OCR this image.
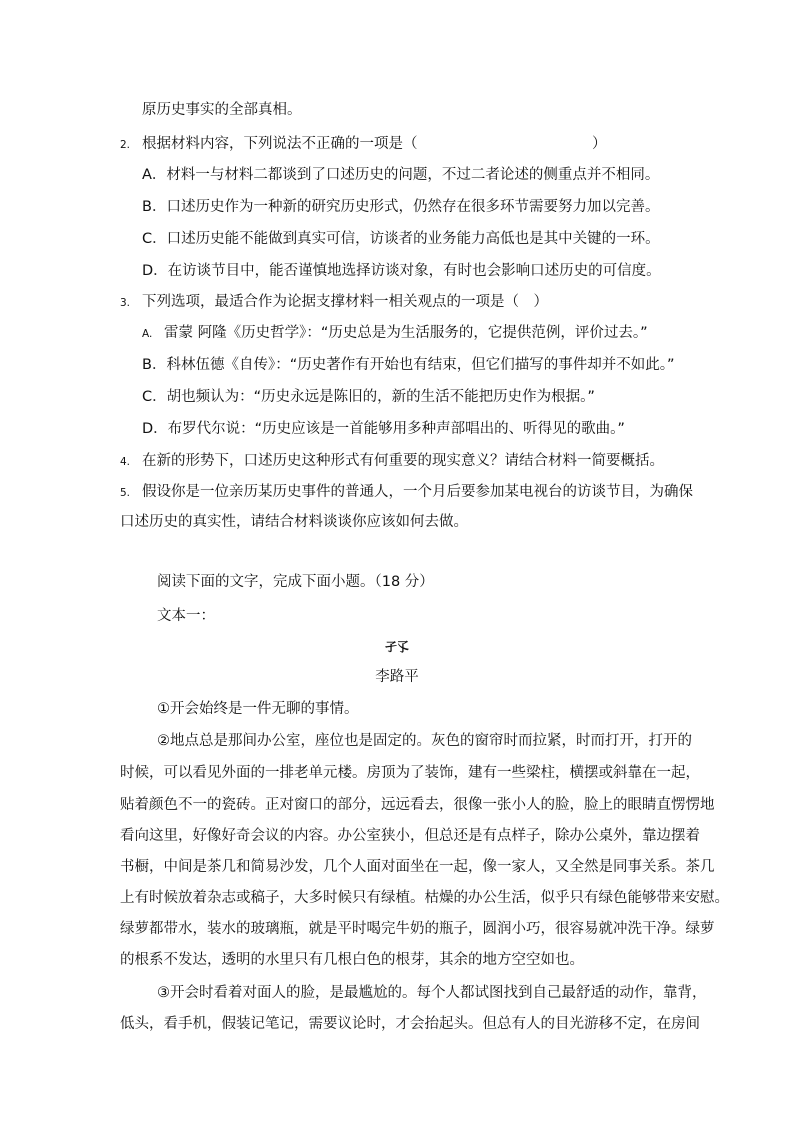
原历史事实的全部真相。
2. 根据材料内容，下列说法不正确的一项是（	）
A．材料一与材料二都谈到了口述历史的问题，不过二者论述的侧重点并不相同。
B．口述历史作为一种新的研究历史形式，仍然存在很多环节需要努力加以完善。
C．口述历史能不能做到真实可信，访谈者的业务能力高低也是其中关键的一环。
D．在访谈节目中，能否谨慎地选择访谈对象，有时也会影响口述历史的可信度。
3. 下列选项，最适合作为论据支撑材料一相关观点的一项是（　）
A. 雷蒙 阿隆《历史哲学》：“历史总是为生活服务的，它提供范例，评价过去。”
B．科林伍德《自传》：“历史著作有开始也有结束，但它们描写的事件却并不如此。”
C．胡也频认为：“历史永远是陈旧的，新的生活不能把历史作为根据。”
D．布罗代尔说：“历史应该是一首能够用多种声部唱出的、听得见的歌曲。”
4. 在新的形势下，口述历史这种形式有何重要的现实意义？请结合材料一简要概括。
5. 假设你是一位亲历某历史事件的普通人，一个月后要参加某电视台的访谈节目，为确保
口述历史的真实性，请结合材料谈谈你应该如何去做。
阅读下面的文字，完成下面小题。（18 分）
文本一：
孑孓
李路平
①开会始终是一件无聊的事情。
②地点总是那间办公室，座位也是固定的。灰色的窗帘时而拉紧，时而打开，打开的
时候，可以看见外面的一排老单元楼。房顶为了装饰，建有一些梁柱，横摆或斜靠在一起，
贴着颜色不一的瓷砖。正对窗口的部分，远远看去，很像一张小人的脸，脸上的眼睛直愣愣地
看向这里，好像好奇会议的内容。办公室狭小，但总还是有点样子，除办公桌外，靠边摆着
书橱，中间是茶几和简易沙发，几个人面对面坐在一起，像一家人，又全然是同事关系。茶几
上有时候放着杂志或稿子，大多时候只有绿植。枯燥的办公生活，似乎只有绿色能够带来安慰。
绿萝都带水，装水的玻璃瓶，就是平时喝完牛奶的瓶子，圆润小巧，很容易就冲洗干净。绿萝
的根系不发达，透明的水里只有几根白色的根芽，其余的地方空空如也。
③开会时看着对面人的脸，是最尴尬的。每个人都试图找到自己最舒适的动作，靠背，
低头，看手机，假装记笔记，需要议论时，才会抬起头。但总有人的目光游移不定，在房间
